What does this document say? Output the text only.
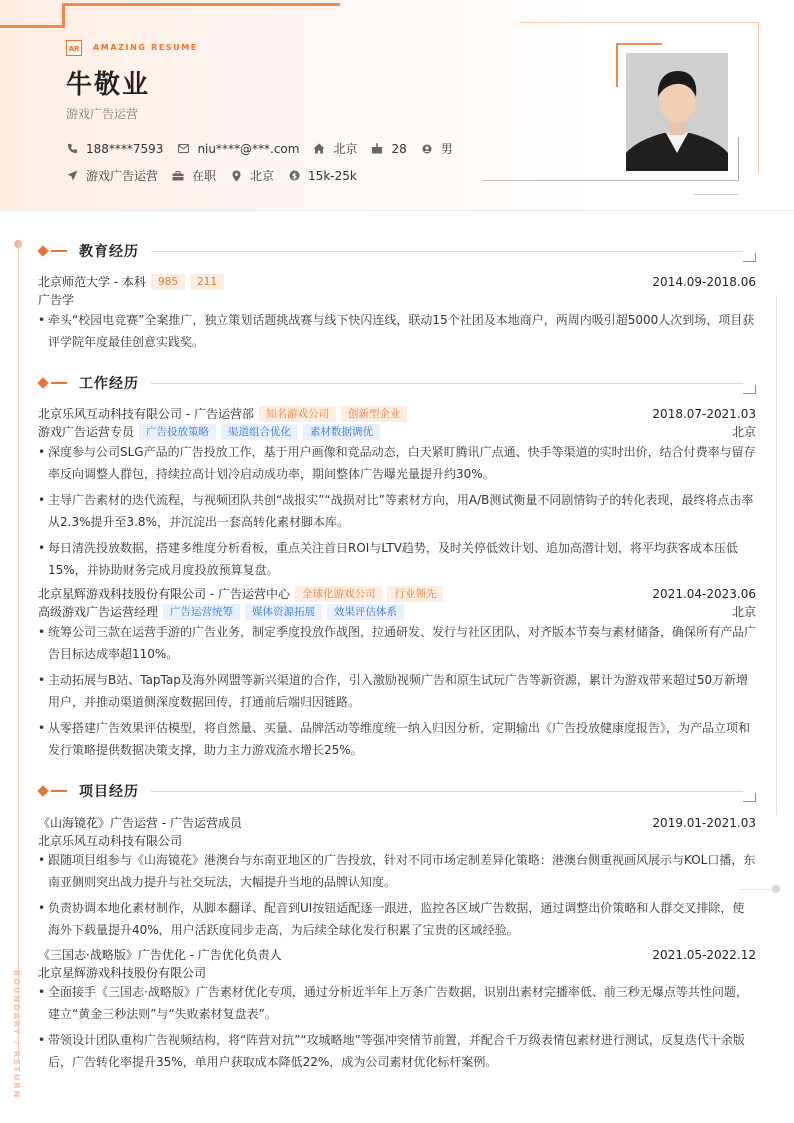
AR	AMAZING RESUME
牛敬业
游戏广告运营
188****7593	niu****@***.com	北京	28	男
游戏广告运营	在职	北京 $ 15k-25k
BOUNDARY / RETURN
教育经历
北京师范大学 - 本科	985	211	2014.09-2018.06
广告学
• 牵头“校园电竞赛”全案推广，独立策划话题挑战赛与线下快闪连线，联动15个社团及本地商户，两周内吸引超5000人次到场，项目获评学院年度最佳创意实践奖。
工作经历
北京乐风互动科技有限公司 - 广告运营部	知名游戏公司	创新型企业	2018.07-2021.03
游戏广告运营专员	广告投放策略	渠道组合优化	素材数据调优	北京
• 深度参与公司SLG产品的广告投放工作，基于用户画像和竞品动态，白天紧盯腾讯广点通、快手等渠道的实时出价，结合付费率与留存率反向调整人群包，持续拉高计划冷启动成功率，期间整体广告曝光量提升约30%。
• 主导广告素材的迭代流程，与视频团队共创“战报实”“战损对比”等素材方向，用A/B测试衡量不同剧情钩子的转化表现，最终将点击率从2.3%提升至3.8%，并沉淀出一套高转化素材脚本库。
• 每日清洗投放数据，搭建多维度分析看板，重点关注首日ROI与LTV趋势，及时关停低效计划、追加高潜计划，将平均获客成本压低15%，并协助财务完成月度投放预算复盘。
北京星辉游戏科技股份有限公司 - 广告运营中心	全球化游戏公司	行业领先	2021.04-2023.06
高级游戏广告运营经理	广告运营统筹	媒体资源拓展	效果评估体系	北京
• 统筹公司三款在运营手游的广告业务，制定季度投放作战图，拉通研发、发行与社区团队，对齐版本节奏与素材储备，确保所有产品广告目标达成率超110%。
• 主动拓展与B站、TapTap及海外网盟等新兴渠道的合作，引入激励视频广告和原生试玩广告等新资源，累计为游戏带来超过50万新增用户，并推动渠道侧深度数据回传，打通前后端归因链路。
• 从零搭建广告效果评估模型，将自然量、买量、品牌活动等维度统一纳入归因分析，定期输出《广告投放健康度报告》，为产品立项和发行策略提供数据决策支撑，助力主力游戏流水增长25%。
项目经历
《山海镜花》广告运营 - 广告运营成员	2019.01-2021.03
北京乐风互动科技有限公司
• 跟随项目组参与《山海镜花》港澳台与东南亚地区的广告投放，针对不同市场定制差异化策略：港澳台侧重视画风展示与KOL口播，东南亚侧则突出战力提升与社交玩法，大幅提升当地的品牌认知度。
• 负责协调本地化素材制作，从脚本翻译、配音到UI按钮适配逐一跟进，监控各区域广告数据，通过调整出价策略和人群交叉排除，使海外下载量提升40%，用户活跃度同步走高，为后续全球化发行积累了宝贵的区域经验。
《三国志·战略版》广告优化 - 广告优化负责人	2021.05-2022.12
北京星辉游戏科技股份有限公司
• 全面接手《三国志·战略版》广告素材优化专项，通过分析近半年上万条广告数据，识别出素材完播率低、前三秒无爆点等共性问题，建立“黄金三秒法则”与“失败素材复盘表”。
• 带领设计团队重构广告视频结构，将“阵营对抗”“攻城略地”等强冲突情节前置，并配合千万级表情包素材进行测试，反复迭代十余版后，广告转化率提升35%，单用户获取成本降低22%，成为公司素材优化标杆案例。
